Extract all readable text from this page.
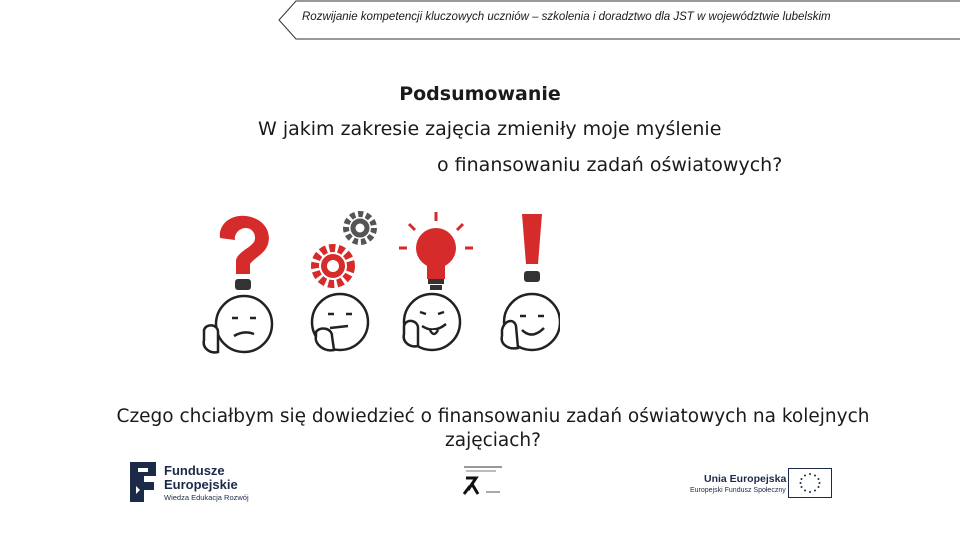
Rozwijanie kompetencji kluczowych uczniów – szkolenia i doradztwo dla JST w województwie lubelskim
Podsumowanie
W jakim zakresie zajęcia zmieniły moje myślenie
o finansowaniu zadań oświatowych?
Czego chciałbym się dowiedzieć o finansowaniu zadań oświatowych na kolejnych zajęciach?
Fundusze
Europejskie
Wiedza Edukacja Rozwój
Unia Europejska
Europejski Fundusz Społeczny
